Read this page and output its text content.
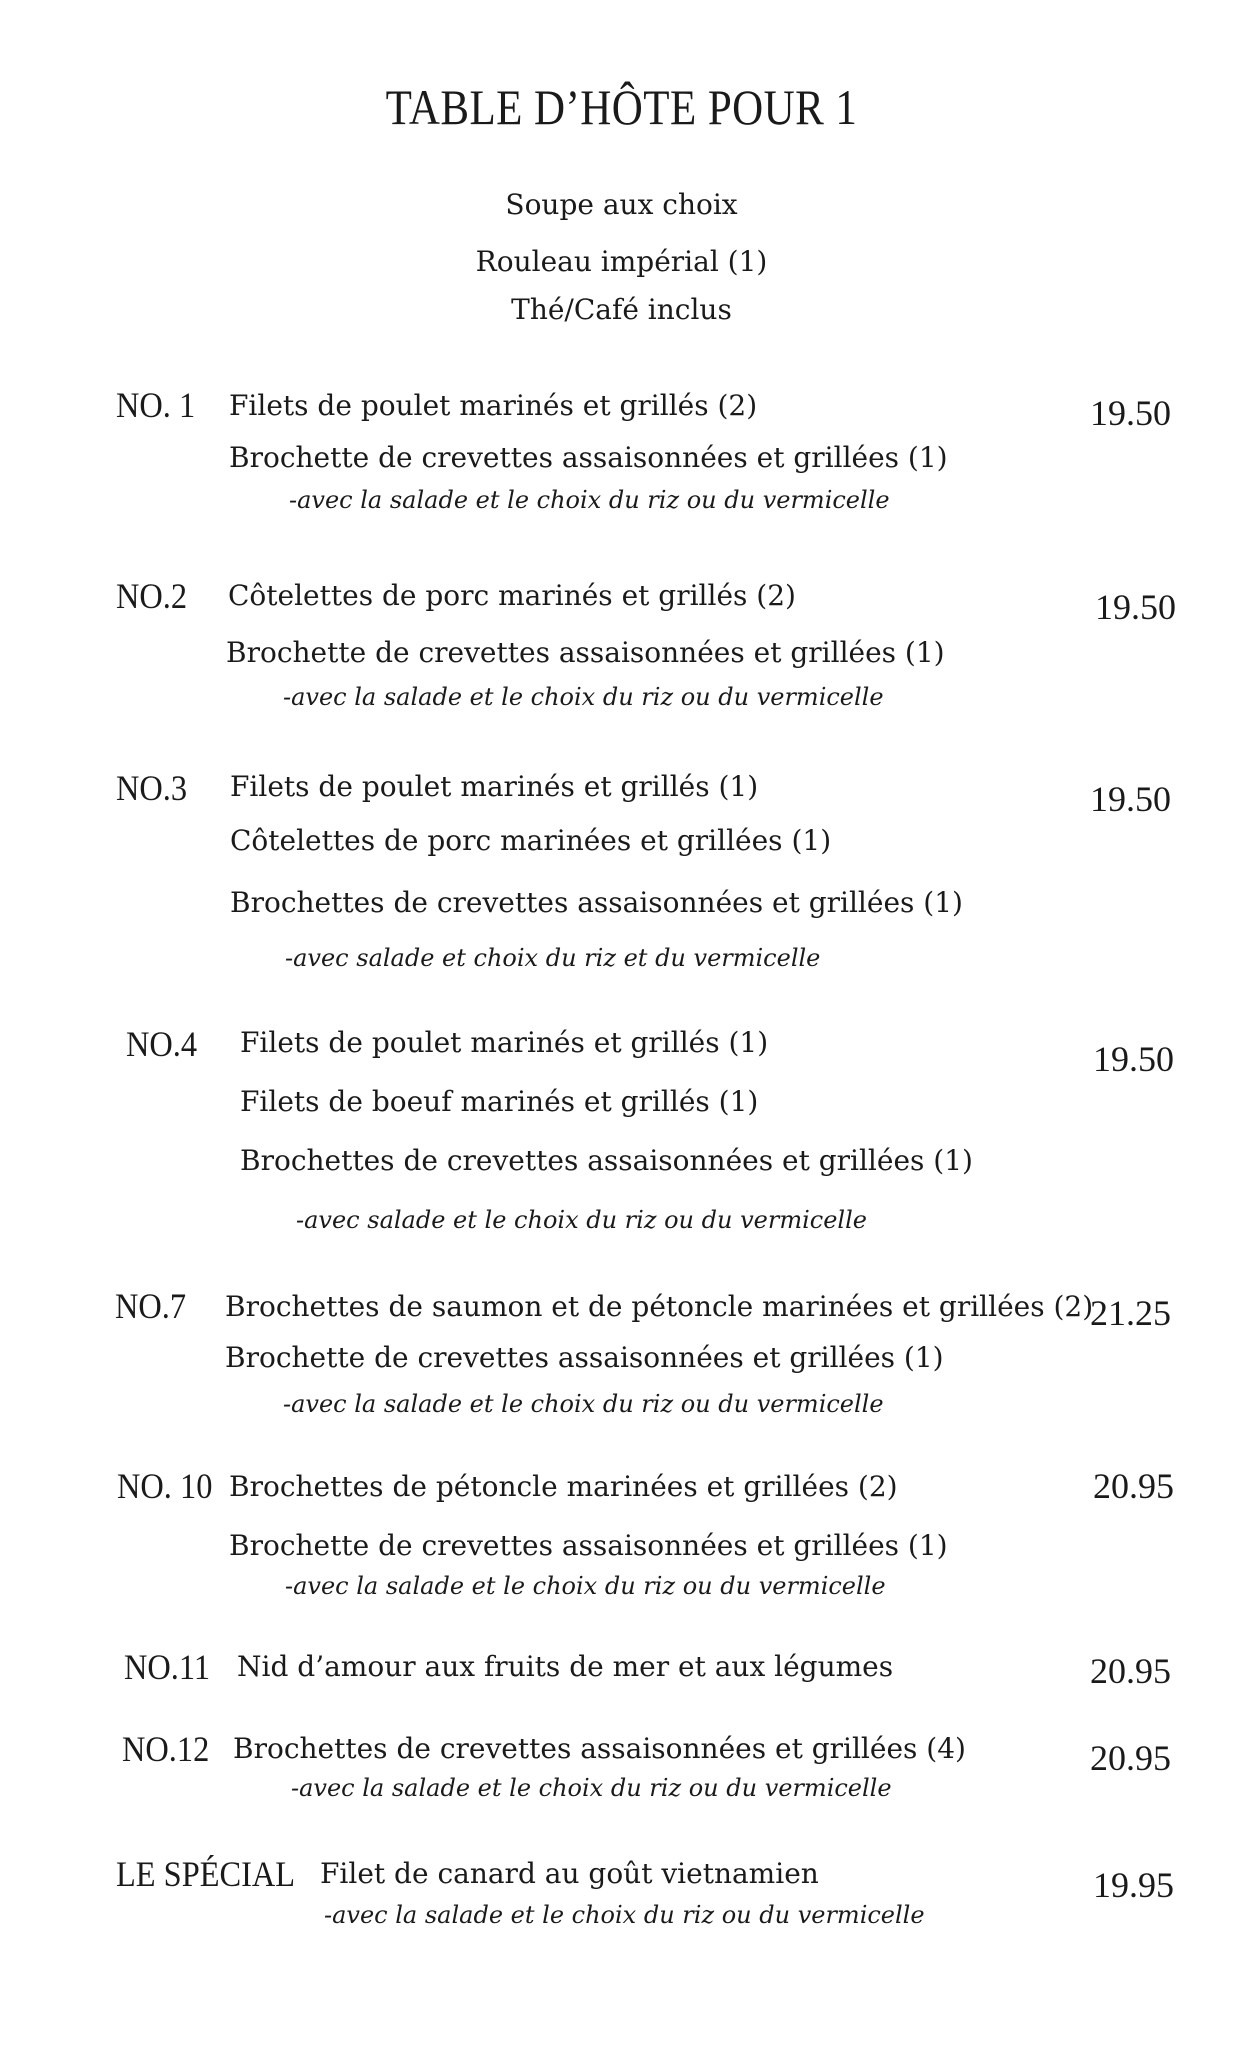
TABLE D’HÔTE POUR 1
Soupe aux choix
Rouleau impérial (1)
Thé/Café inclus
NO. 1 Filets de poulet marinés et grillés (2)
Brochette de crevettes assaisonnées et grillées (1)
-avec la salade et le choix du riz ou du vermicelle
19.50
NO.2 Côtelettes de porc marinés et grillés (2)
Brochette de crevettes assaisonnées et grillées (1)
-avec la salade et le choix du riz ou du vermicelle
19.50
NO.3 Filets de poulet marinés et grillés (1)
Côtelettes de porc marinées et grillées (1)
Brochettes de crevettes assaisonnées et grillées (1)
-avec salade et choix du riz et du vermicelle
19.50
NO.4 Filets de poulet marinés et grillés (1)
Filets de boeuf marinés et grillés (1)
Brochettes de crevettes assaisonnées et grillées (1)
-avec salade et le choix du riz ou du vermicelle
19.50
NO.7 Brochettes de saumon et de pétoncle marinées et grillées (2)
Brochette de crevettes assaisonnées et grillées (1)
-avec la salade et le choix du riz ou du vermicelle
21.25
NO. 10 Brochettes de pétoncle marinées et grillées (2)
Brochette de crevettes assaisonnées et grillées (1)
-avec la salade et le choix du riz ou du vermicelle
20.95
NO.11 Nid d’amour aux fruits de mer et aux légumes	20.95
NO.12 Brochettes de crevettes assaisonnées et grillées (4)
-avec la salade et le choix du riz ou du vermicelle
20.95
LE SPÉCIAL Filet de canard au goût vietnamien
-avec la salade et le choix du riz ou du vermicelle
19.95
